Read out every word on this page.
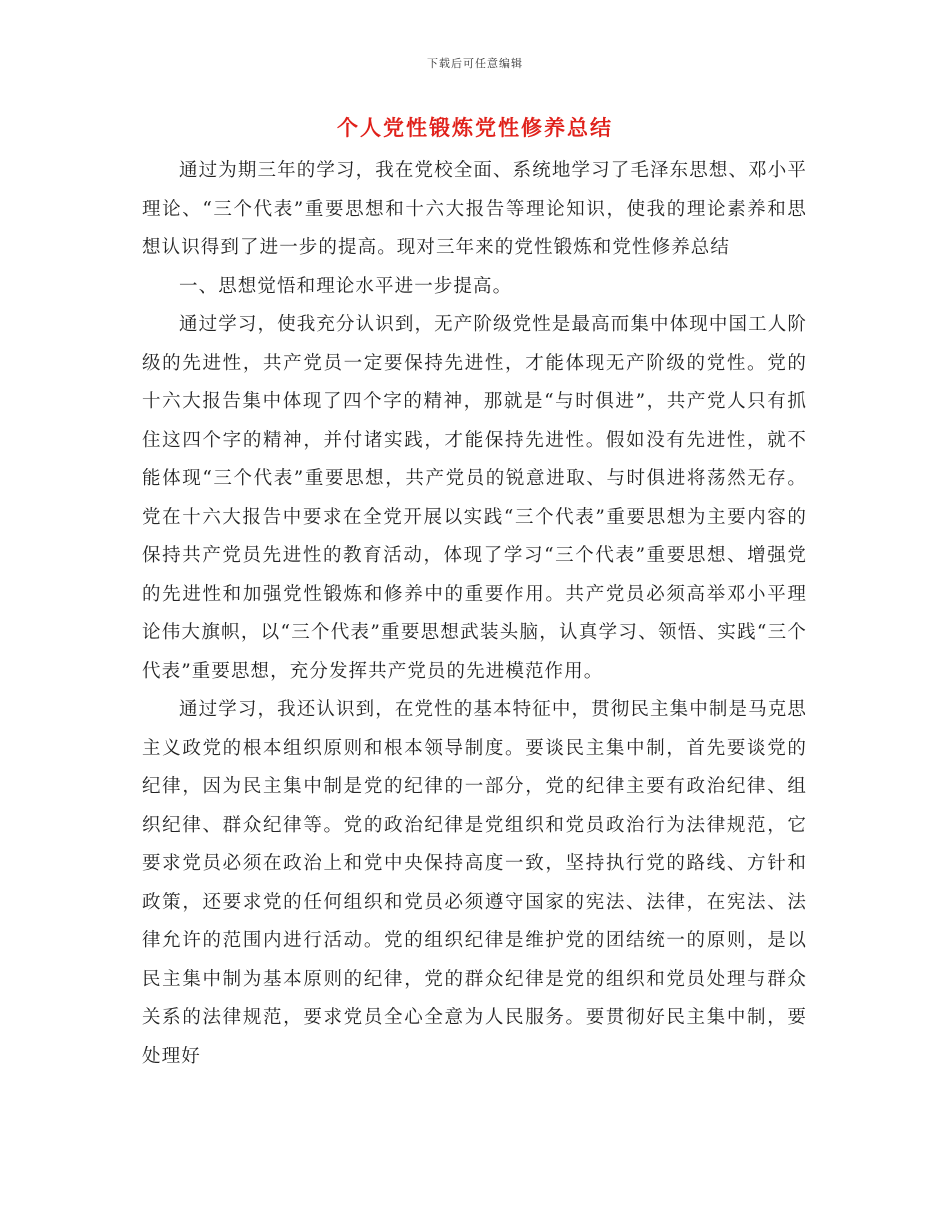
下载后可任意编辑
个人党性锻炼党性修养总结

通过为期三年的学习，我在党校全面、系统地学习了毛泽东思想、邓小平理论、“三个代表”重要思想和十六大报告等理论知识，使我的理论素养和思想认识得到了进一步的提高。现对三年来的党性锻炼和党性修养总结

一、思想觉悟和理论水平进一步提高。

通过学习，使我充分认识到，无产阶级党性是最高而集中体现中国工人阶级的先进性，共产党员一定要保持先进性，才能体现无产阶级的党性。党的十六大报告集中体现了四个字的精神，那就是“与时俱进”，共产党人只有抓住这四个字的精神，并付诸实践，才能保持先进性。假如没有先进性，就不能体现“三个代表”重要思想，共产党员的锐意进取、与时俱进将荡然无存。党在十六大报告中要求在全党开展以实践“三个代表”重要思想为主要内容的保持共产党员先进性的教育活动，体现了学习“三个代表”重要思想、增强党的先进性和加强党性锻炼和修养中的重要作用。共产党员必须高举邓小平理论伟大旗帜，以“三个代表”重要思想武装头脑，认真学习、领悟、实践“三个代表”重要思想，充分发挥共产党员的先进模范作用。

通过学习，我还认识到，在党性的基本特征中，贯彻民主集中制是马克思主义政党的根本组织原则和根本领导制度。要谈民主集中制，首先要谈党的纪律，因为民主集中制是党的纪律的一部分，党的纪律主要有政治纪律、组织纪律、群众纪律等。党的政治纪律是党组织和党员政治行为法律规范，它要求党员必须在政治上和党中央保持高度一致，坚持执行党的路线、方针和政策，还要求党的任何组织和党员必须遵守国家的宪法、法律，在宪法、法律允许的范围内进行活动。党的组织纪律是维护党的团结统一的原则，是以民主集中制为基本原则的纪律，党的群众纪律是党的组织和党员处理与群众关系的法律规范，要求党员全心全意为人民服务。要贯彻好民主集中制，要处理好
